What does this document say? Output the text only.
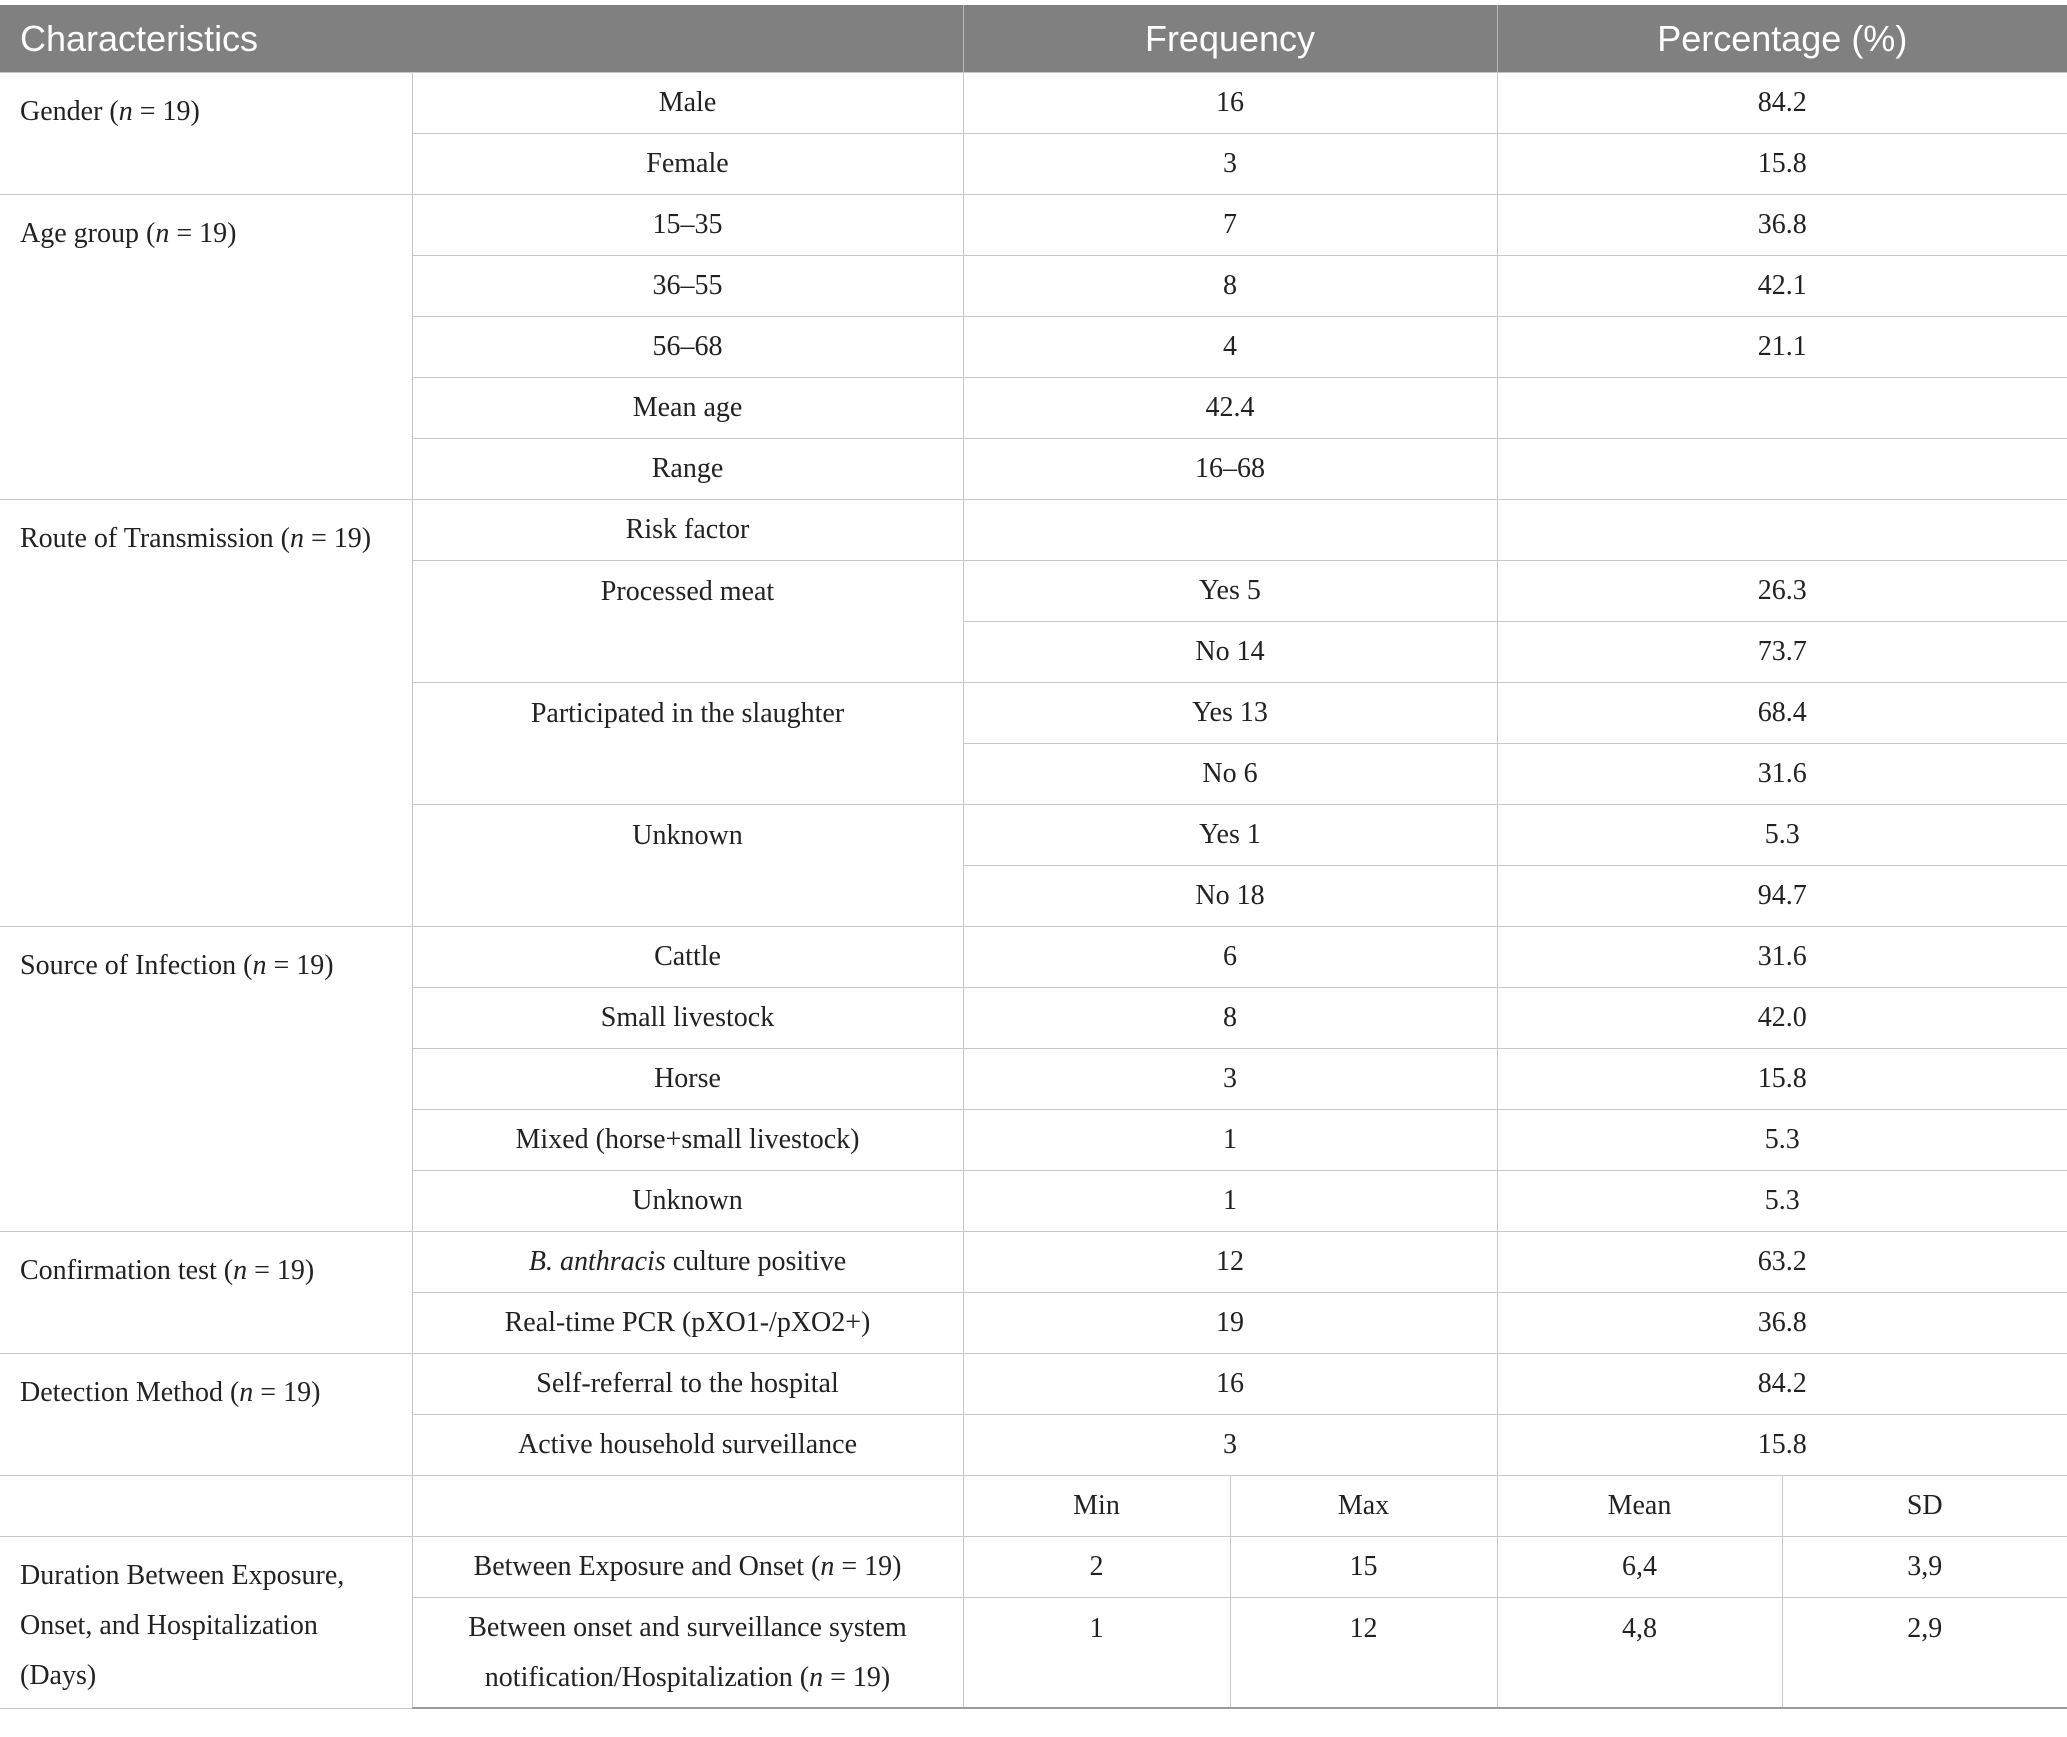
Characteristics		Frequency		Percentage (%)	
Gender (n = 19)	Male	16		84.2	
	Female	3		15.8	
Age group (n = 19)	15–35	7		36.8	
	36–55	8		42.1	
	56–68	4		21.1	
	Mean age	42.4			
	Range	16–68			
Route of Transmission (n = 19)	Risk factor				
	Processed meat	Yes 5		26.3	
		No 14		73.7	
	Participated in the slaughter	Yes 13		68.4	
		No 6		31.6	
	Unknown	Yes 1		5.3	
		No 18		94.7	
Source of Infection (n = 19)	Cattle	6		31.6	
	Small livestock	8		42.0	
	Horse	3		15.8	
	Mixed (horse+small livestock)	1		5.3	
	Unknown	1		5.3	
Confirmation test (n = 19)	B. anthracis culture positive	12		63.2	
	Real-time PCR (pXO1-/pXO2+)	19		36.8	
Detection Method (n = 19)	Self-referral to the hospital	16		84.2	
	Active household surveillance	3		15.8	
		Min	Max	Mean	SD
Duration Between Exposure, Onset, and Hospitalization (Days)	Between Exposure and Onset (n = 19)	2	15	6,4	3,9
	Between onset and surveillance system notification/Hospitalization (n = 19)	1	12	4,8	2,9
